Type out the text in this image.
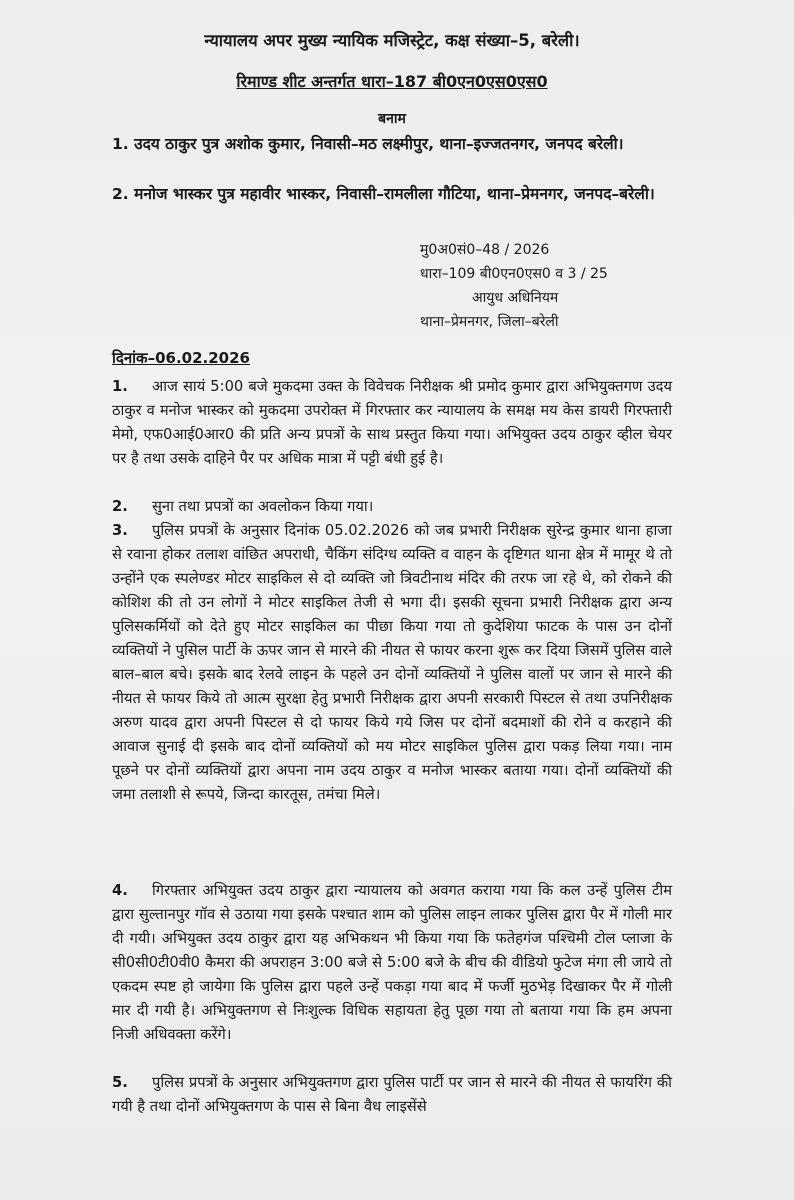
न्यायालय अपर मुख्य न्यायिक मजिस्ट्रेट, कक्ष संख्या–5, बरेली।
रिमाण्ड शीट अन्तर्गत धारा–187 बी0एन0एस0एस0
बनाम
1. उदय ठाकुर पुत्र अशोक कुमार, निवासी–मठ लक्ष्मीपुर, थाना–इज्जतनगर, जनपद बरेली।
2. मनोज भास्कर पुत्र महावीर भास्कर, निवासी–रामलीला गौटिया, थाना–प्रेमनगर, जनपद–बरेली।
मु0अ0सं0–48 / 2026
धारा–109 बी0एन0एस0 व 3 / 25
आयुध अधिनियम
थाना–प्रेमनगर, जिला–बरेली
दिनांक–06.02.2026
1. आज सायं 5:00 बजे मुकदमा उक्त के विवेचक निरीक्षक श्री प्रमोद कुमार द्वारा अभियुक्तगण उदय ठाकुर व मनोज भास्कर को मुकदमा उपरोक्त में गिरफ्तार कर न्यायालय के समक्ष मय केस डायरी गिरफ्तारी मेमो, एफ0आई0आर0 की प्रति अन्य प्रपत्रों के साथ प्रस्तुत किया गया। अभियुक्त उदय ठाकुर व्हील चेयर पर है तथा उसके दाहिने पैर पर अधिक मात्रा में पट्टी बंधी हुई है।
2. सुना तथा प्रपत्रों का अवलोकन किया गया।
3. पुलिस प्रपत्रों के अनुसार दिनांक 05.02.2026 को जब प्रभारी निरीक्षक सुरेन्द्र कुमार थाना हाजा से रवाना होकर तलाश वांछित अपराधी, चैकिंग संदिग्ध व्यक्ति व वाहन के दृष्टिगत थाना क्षेत्र में मामूर थे तो उन्होंने एक स्पलेण्डर मोटर साइकिल से दो व्यक्ति जो त्रिवटीनाथ मंदिर की तरफ जा रहे थे, को रोकने की कोशिश की तो उन लोगों ने मोटर साइकिल तेजी से भगा दी। इसकी सूचना प्रभारी निरीक्षक द्वारा अन्य पुलिसकर्मियों को देते हुए मोटर साइकिल का पीछा किया गया तो कुदेशिया फाटक के पास उन दोनों व्यक्तियों ने पुसिल पार्टी के ऊपर जान से मारने की नीयत से फायर करना शुरू कर दिया जिसमें पुलिस वाले बाल–बाल बचे। इसके बाद रेलवे लाइन के पहले उन दोनों व्यक्तियों ने पुलिस वालों पर जान से मारने की नीयत से फायर किये तो आत्म सुरक्षा हेतु प्रभारी निरीक्षक द्वारा अपनी सरकारी पिस्टल से तथा उपनिरीक्षक अरुण यादव द्वारा अपनी पिस्टल से दो फायर किये गये जिस पर दोनों बदमाशों की रोने व करहाने की आवाज सुनाई दी इसके बाद दोनों व्यक्तियों को मय मोटर साइकिल पुलिस द्वारा पकड़ लिया गया। नाम पूछने पर दोनों व्यक्तियों द्वारा अपना नाम उदय ठाकुर व मनोज भास्कर बताया गया। दोनों व्यक्तियों की जमा तलाशी से रूपये, जिन्दा कारतूस, तमंचा मिले।
4. गिरफ्तार अभियुक्त उदय ठाकुर द्वारा न्यायालय को अवगत कराया गया कि कल उन्हें पुलिस टीम द्वारा सुल्तानपुर गॉव से उठाया गया इसके पश्चात शाम को पुलिस लाइन लाकर पुलिस द्वारा पैर में गोली मार दी गयी। अभियुक्त उदय ठाकुर द्वारा यह अभिकथन भी किया गया कि फतेहगंज पश्चिमी टोल प्लाजा के सी0सी0टी0वी0 कैमरा की अपराहन 3:00 बजे से 5:00 बजे के बीच की वीडियो फुटेज मंगा ली जाये तो एकदम स्पष्ट हो जायेगा कि पुलिस द्वारा पहले उन्हें पकड़ा गया बाद में फर्जी मुठभेड़ दिखाकर पैर में गोली मार दी गयी है। अभियुक्तगण से निःशुल्क विधिक सहायता हेतु पूछा गया तो बताया गया कि हम अपना निजी अधिवक्ता करेंगे।
5. पुलिस प्रपत्रों के अनुसार अभियुक्तगण द्वारा पुलिस पार्टी पर जान से मारने की नीयत से फायरिंग की गयी है तथा दोनों अभियुक्तगण के पास से बिना वैध लाइसेंसे
